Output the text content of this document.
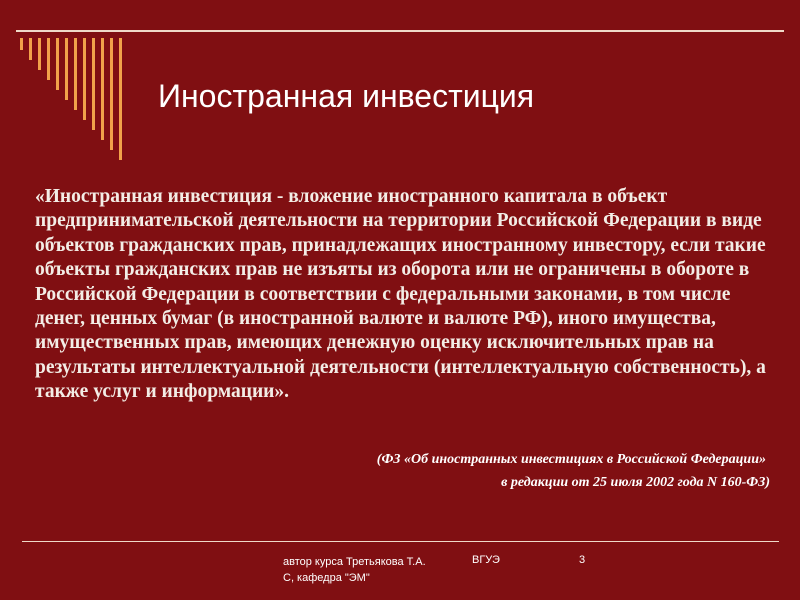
Иностранная инвестиция

«Иностранная инвестиция - вложение иностранного капитала в объект предпринимательской деятельности на территории Российской Федерации в виде объектов гражданских прав, принадлежащих иностранному инвестору, если такие объекты гражданских прав не изъяты из оборота или не ограничены в обороте в Российской Федерации в соответствии с федеральными законами, в том числе денег, ценных бумаг (в иностранной валюте и валюте РФ), иного имущества, имущественных прав, имеющих денежную оценку исключительных прав на результаты интеллектуальной деятельности (интеллектуальную собственность), а также услуг и информации».

(ФЗ «Об иностранных инвестициях в Российской Федерации»
в редакции от 25 июля 2002 года N 160-ФЗ)
автор курса Третьякова Т.А.
С, кафедра "ЭМ"
ВГУЭ	3
